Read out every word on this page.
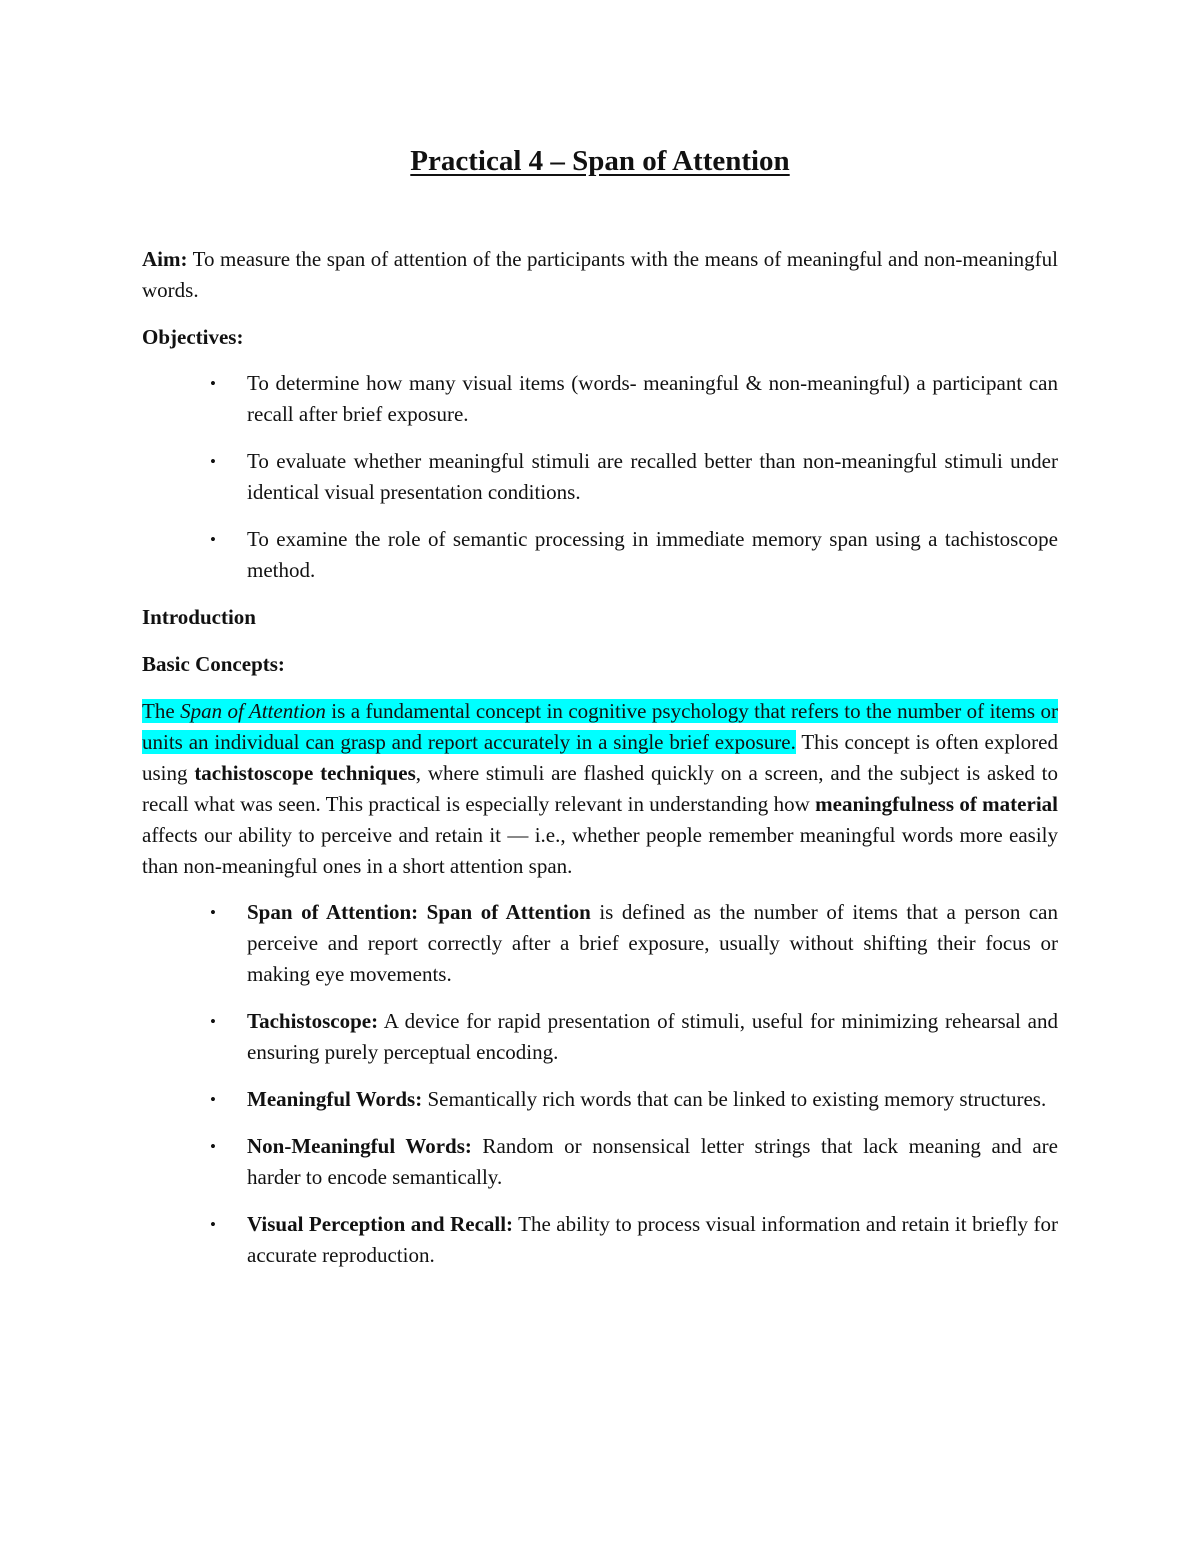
Practical 4 – Span of Attention

Aim: To measure the span of attention of the participants with the means of meaningful and non-meaningful words.

Objectives:

• To determine how many visual items (words- meaningful & non-meaningful) a participant can recall after brief exposure.
• To evaluate whether meaningful stimuli are recalled better than non-meaningful stimuli under identical visual presentation conditions.
• To examine the role of semantic processing in immediate memory span using a tachistoscope method.

Introduction

Basic Concepts:

The Span of Attention is a fundamental concept in cognitive psychology that refers to the number of items or units an individual can grasp and report accurately in a single brief exposure. This concept is often explored using tachistoscope techniques, where stimuli are flashed quickly on a screen, and the subject is asked to recall what was seen. This practical is especially relevant in understanding how meaningfulness of material affects our ability to perceive and retain it — i.e., whether people remember meaningful words more easily than non-meaningful ones in a short attention span.

• Span of Attention: Span of Attention is defined as the number of items that a person can perceive and report correctly after a brief exposure, usually without shifting their focus or making eye movements.
• Tachistoscope: A device for rapid presentation of stimuli, useful for minimizing rehearsal and ensuring purely perceptual encoding.
• Meaningful Words: Semantically rich words that can be linked to existing memory structures.
• Non-Meaningful Words: Random or nonsensical letter strings that lack meaning and are harder to encode semantically.
• Visual Perception and Recall: The ability to process visual information and retain it briefly for accurate reproduction.
